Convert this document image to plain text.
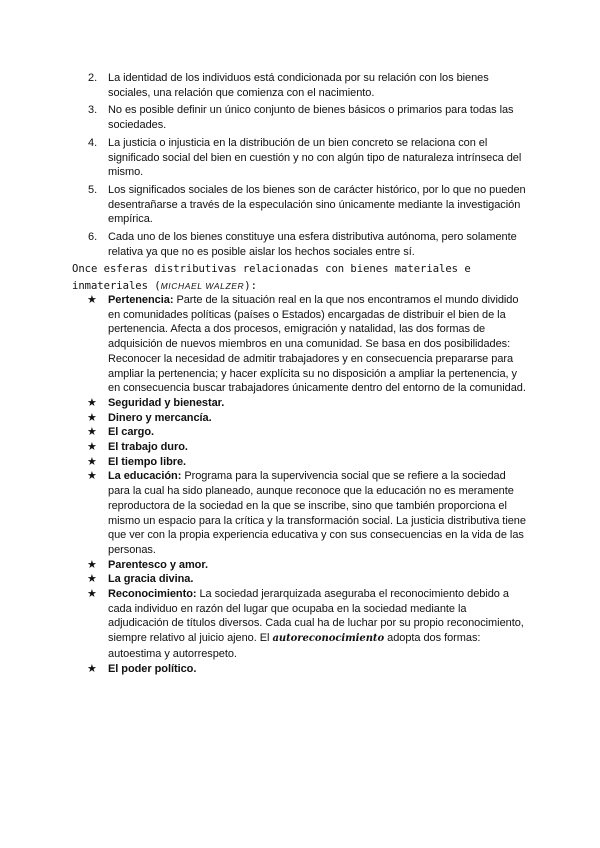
2. La identidad de los individuos está condicionada por su relación con los bienes sociales, una relación que comienza con el nacimiento.
3. No es posible definir un único conjunto de bienes básicos o primarios para todas las sociedades.
4. La justicia o injusticia en la distribución de un bien concreto se relaciona con el significado social del bien en cuestión y no con algún tipo de naturaleza intrínseca del mismo.
5. Los significados sociales de los bienes son de carácter histórico, por lo que no pueden desentrañarse a través de la especulación sino únicamente mediante la investigación empírica.
6. Cada uno de los bienes constituye una esfera distributiva autónoma, pero solamente relativa ya que no es posible aislar los hechos sociales entre sí.
Once esferas distributivas relacionadas con bienes materiales e inmateriales (MICHAEL WALZER):
★	Pertenencia: Parte de la situación real en la que nos encontramos el mundo dividido en comunidades políticas (países o Estados) encargadas de distribuir el bien de la pertenencia. Afecta a dos procesos, emigración y natalidad, las dos formas de adquisición de nuevos miembros en una comunidad. Se basa en dos posibilidades: Reconocer la necesidad de admitir trabajadores y en consecuencia prepararse para ampliar la pertenencia; y hacer explícita su no disposición a ampliar la pertenencia, y en consecuencia buscar trabajadores únicamente dentro del entorno de la comunidad.
★	Seguridad y bienestar.
★	Dinero y mercancía.
★	El cargo.
★	El trabajo duro.
★	El tiempo libre.
★	La educación: Programa para la supervivencia social que se refiere a la sociedad para la cual ha sido planeado, aunque reconoce que la educación no es meramente reproductora de la sociedad en la que se inscribe, sino que también proporciona el mismo un espacio para la crítica y la transformación social. La justicia distributiva tiene que ver con la propia experiencia educativa y con sus consecuencias en la vida de las personas.
★	Parentesco y amor.
★	La gracia divina.
★	Reconocimiento: La sociedad jerarquizada aseguraba el reconocimiento debido a cada individuo en razón del lugar que ocupaba en la sociedad mediante la adjudicación de títulos diversos. Cada cual ha de luchar por su propio reconocimiento, siempre relativo al juicio ajeno. El autoreconocimiento adopta dos formas: autoestima y autorrespeto.
★	El poder político.
